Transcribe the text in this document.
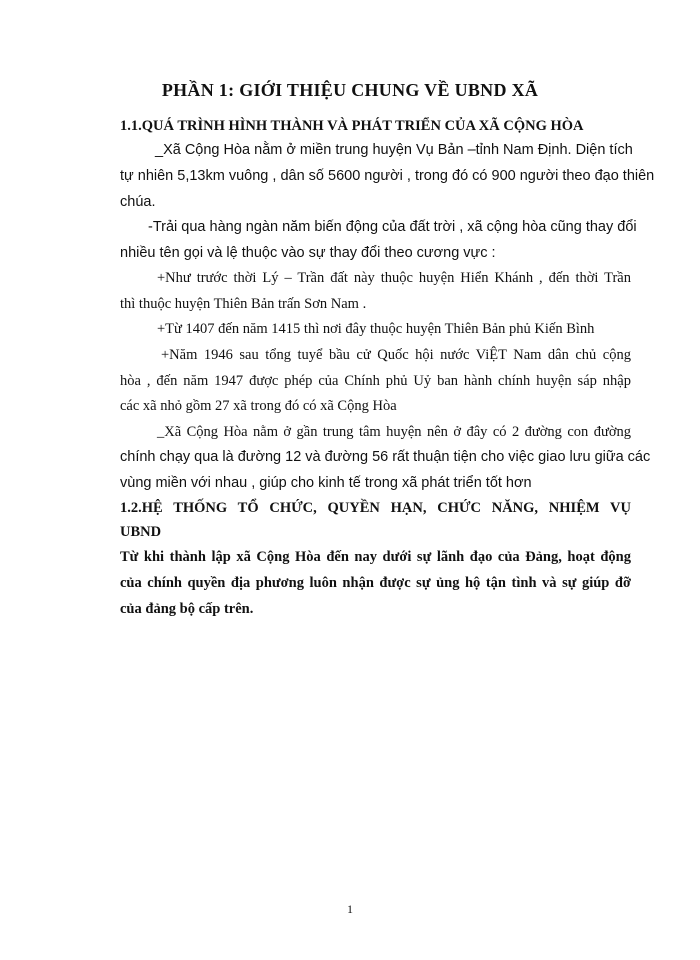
PHẦN 1: GIỚI THIỆU CHUNG VỀ UBND XÃ
1.1.QUÁ TRÌNH HÌNH THÀNH VÀ PHÁT TRIỂN CỦA XÃ CỘNG HÒA
_Xã Cộng Hòa nằm ở miền trung huyện Vụ Bản –tỉnh Nam Định. Diện tích
tự nhiên 5,13km vuông , dân số 5600 người , trong đó có 900 người theo đạo thiên
chúa.
-Trải qua hàng ngàn năm biến động của đất trời , xã cộng hòa cũng thay đổi
nhiều tên gọi và lệ thuộc vào sự thay đổi theo cương vực :
+Như trước thời Lý – Trần đất này thuộc huyện Hiển Khánh , đến thời Trần
thì thuộc huyện Thiên Bản trấn Sơn Nam .
+Từ 1407 đến năm 1415 thì nơi đây thuộc huyện Thiên Bản phủ Kiến Bình
+Năm 1946 sau tổng tuyể bầu cử Quốc hội nước ViỆT Nam dân chủ cộng
hòa , đến năm 1947 được phép của Chính phủ Uỷ ban hành chính huyện sáp nhập
các xã nhỏ gồm 27 xã trong đó có xã Cộng Hòa
_Xã Cộng Hòa nằm ở gần trung tâm huyện nên ở đây có 2 đường con đường
chính chạy qua là đường 12 và đường 56 rất thuận tiện cho việc giao lưu giữa các
vùng miền với nhau , giúp cho kinh tế trong xã phát triển tốt hơn
1.2.HỆ THỐNG TỔ CHỨC, QUYỀN HẠN, CHỨC NĂNG, NHIỆM VỤ
UBND
Từ khi thành lập xã Cộng Hòa đến nay dưới sự lãnh đạo của Đảng, hoạt động
của chính quyền địa phương luôn nhận được sự ủng hộ tận tình và sự giúp đỡ
của đảng bộ cấp trên.
1
